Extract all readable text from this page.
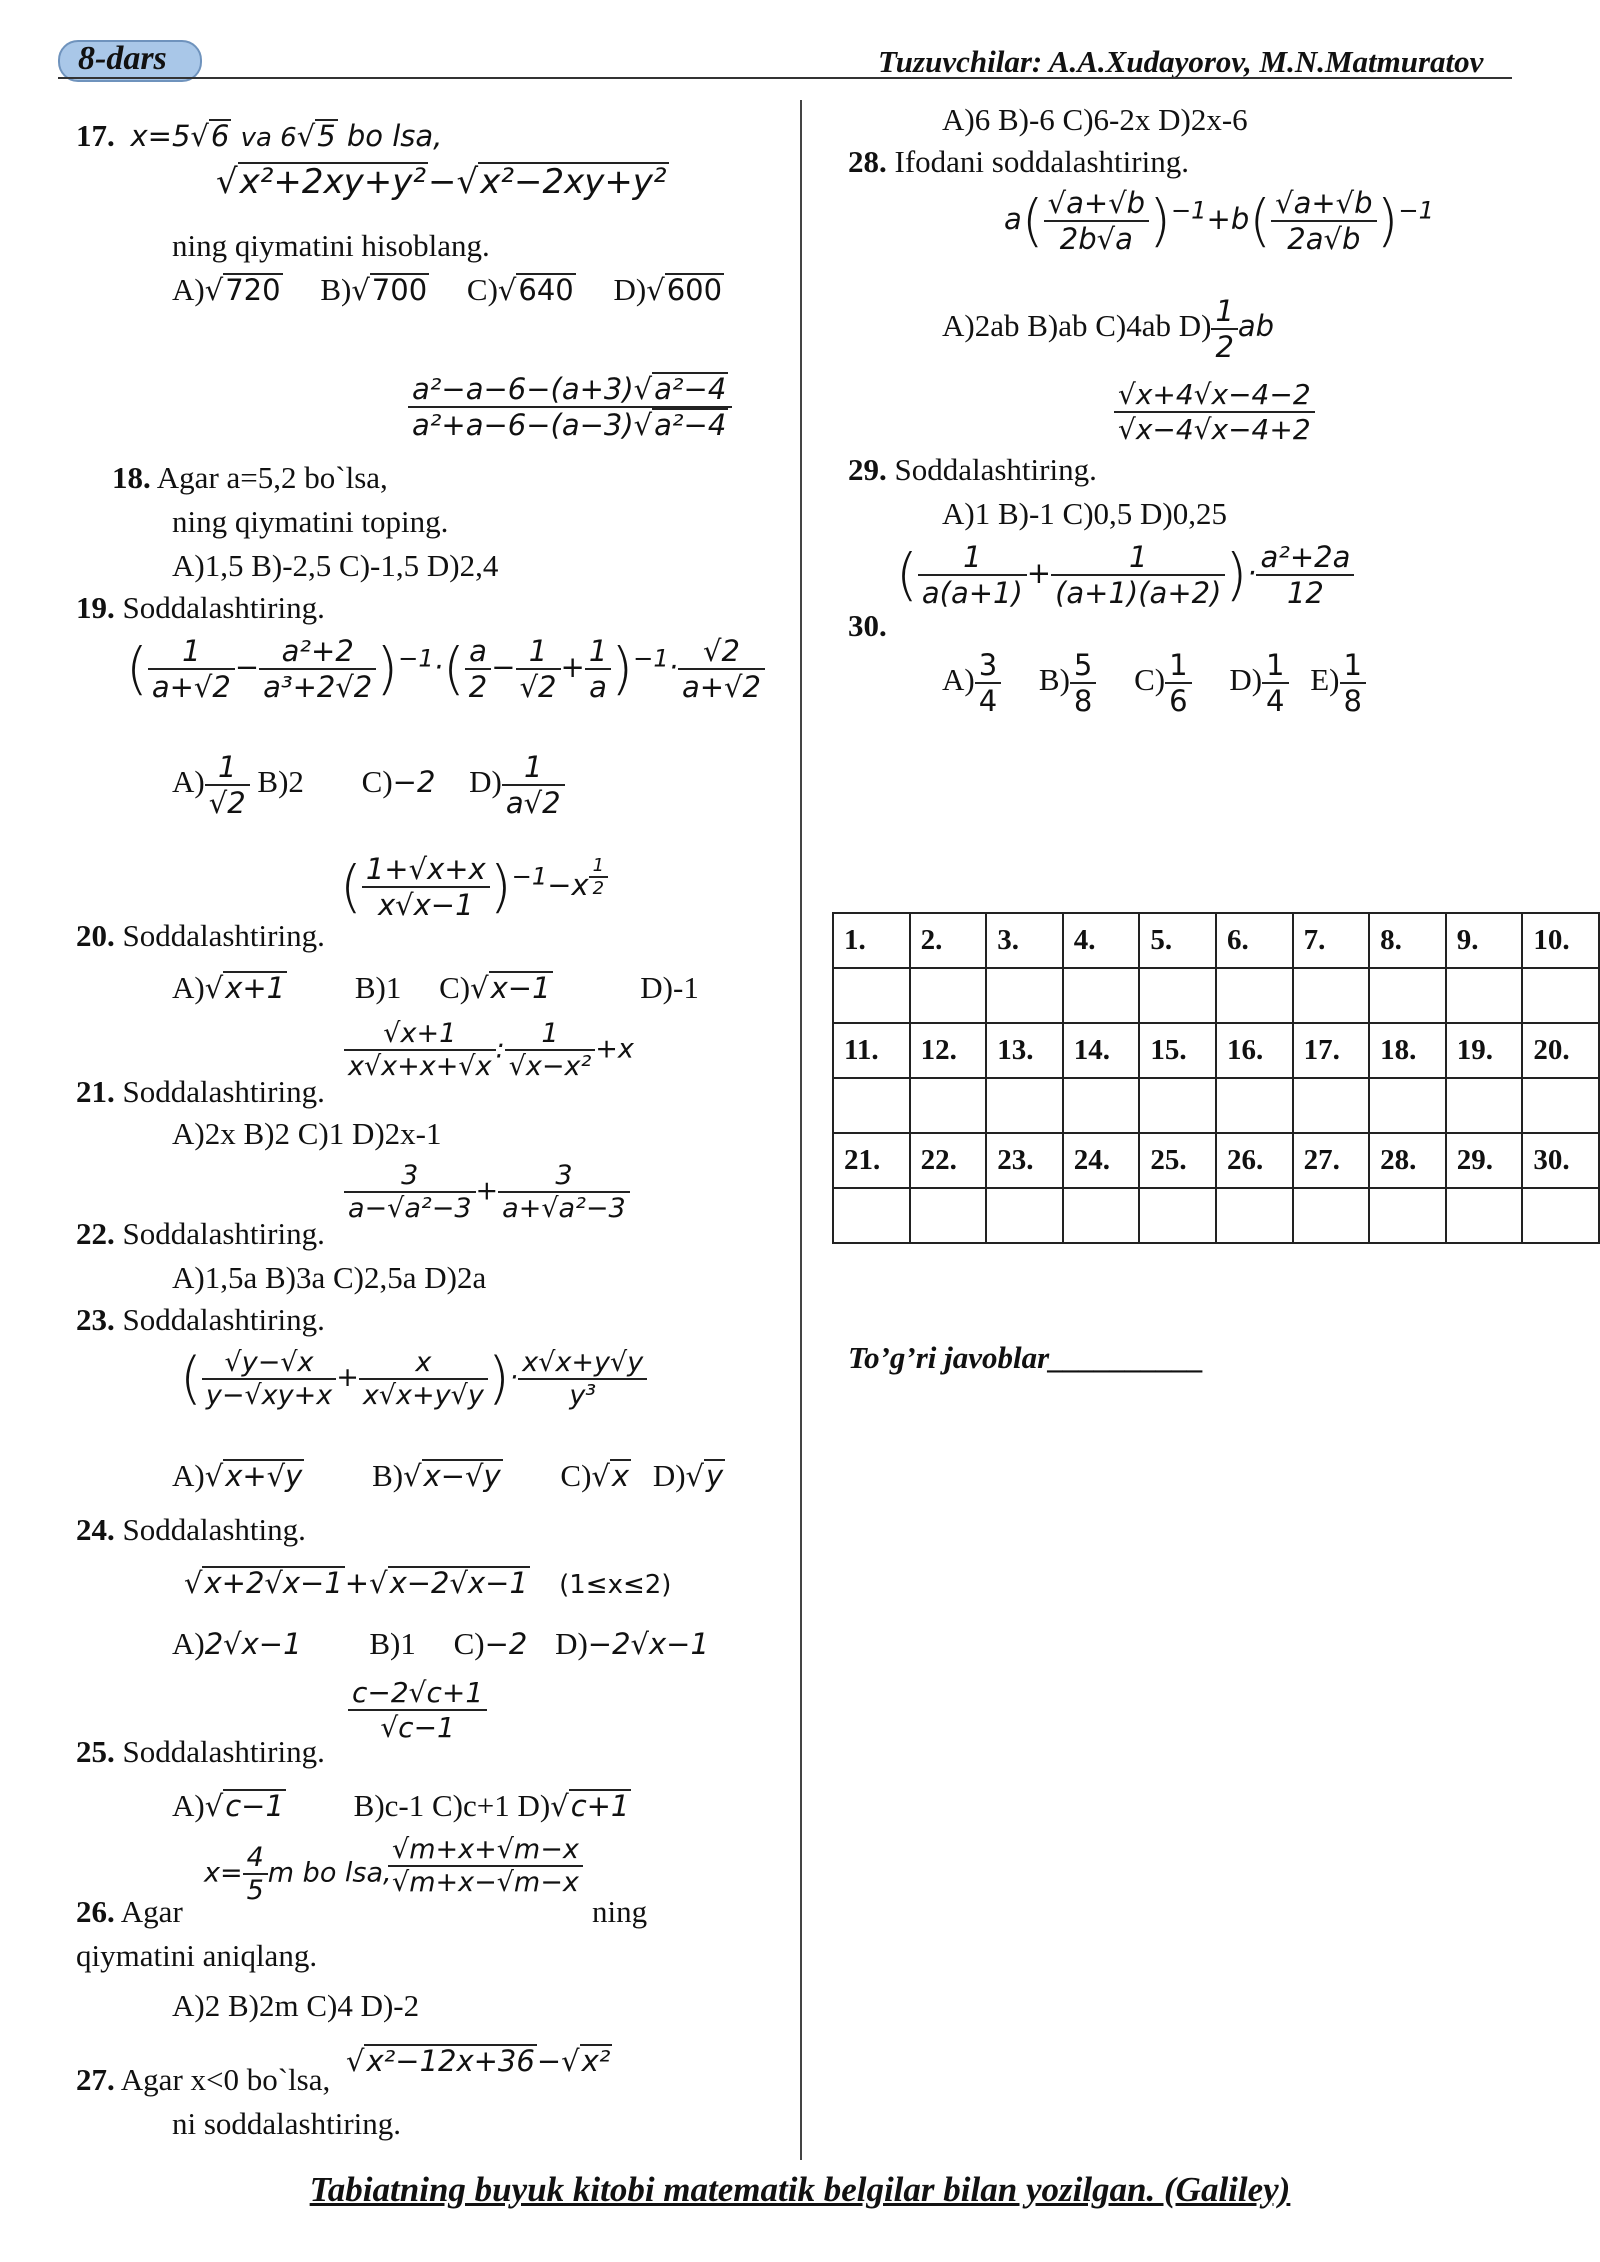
8-dars	Tuzuvchilar: A.A.Xudayorov, M.N.Matmuratov
17. x=5√6 va 6√5 bo lsa,
√x²+2xy+y²−√x²−2xy+y²
ning qiymatini hisoblang.
A)√720 B)√700 C)√640 D)√600
$\frac{\text{a²−a−6−(a+3)√a²−4}}{\text{a²+a−6−(a−3)√a²−4}}$
18. Agar a=5,2 bo`lsa,
ning qiymatini toping.
A)1,5 B)-2,5 C)-1,5 D)2,4
19. Soddalashtiring.
( $\frac{1}{a+√2} - \frac{\text{a²+2}}{\text{a³+2√2}} )^{-1}\cdot( \frac{a}{2} - \frac{1}{√2} + \frac{1}{a} )^{-1}\cdot \frac{√2}{a+√2}$
$A) \frac{1}{√2} B)2$ C)−2 $D) \frac{1}{a√2}$
( $\frac{1+√x+x}{x√x-1} )^{-1}-x$ $^{\frac{1}{2}}$
20. Soddalashtiring.
A)√x+1 B)1 C)√x−1	D)-1
$\frac{√x+1}{x√x+x+√x}$ : $\frac{1}{\text{√x−x²}} +x$
21. Soddalashtiring.
A)2x B)2 C)1 D)2x-1
$\frac{3}{\text{a−√a²−3}} + \frac{3}{\text{a+√a²−3}}$
22. Soddalashtiring.
A)1,5a B)3a C)2,5a D)2a
23. Soddalashtiring.
( $\frac{√y-√x}{y-√xy+x} + \frac{x}{x√x+y√y}$ )· $\frac{x√x+y√y}{\text{y³}}$
A)√x+√y B)√x−√y C)√x D)√y
24. Soddalashting.
√x+2√x−1+√x−2√x−1 (1≤x≤2)
A)2√x−1 B)1 C)−2 D)−2√x−1
$\frac{c-2√c+1}{√c-1}$
25. Soddalashtiring.
A)√c−1 B)c-1 C)c+1 D)√c+1
$x= \frac{4}{5}$ m bo lsa,
$\frac{√m+x+√m-x}{√m+x-√m-x}$
26. Agar	ning
qiymatini aniqlang.
A)2 B)2m C)4 D)-2
√x²−12x+36−√x²
27. Agar x<0 bo`lsa,
ni soddalashtiring.
A)6 B)-6 C)6-2x D)2x-6
28. Ifodani soddalashtiring.
$a( \frac{√a+√b}{2b√a} )^{-1}+b( \frac{√a+√b}{2a√b} )^{-1}$
A)2ab B)ab C)4ab $D) \frac{1}{2}$ ab
$\frac{√x+4√x-4-2}{√x-4√x-4+2}$
29. Soddalashtiring.
A)1 B)-1 C)0,5 D)0,25
30.
( $\frac{1}{a(a+1)} + \frac{1}{(a+1)(a+2)}$ )· $\frac{\text{a²+2a}}{12}$
$A) \frac{3}{4} B) \frac{5}{8} C) \frac{1}{6} D) \frac{1}{4} E) \frac{1}{8}$
1.	2.	3.	4.	5.	6.	7.	8.	9.	10.

11.	12.	13.	14.	15.	16.	17.	18.	19.	20.

21.	22.	23.	24.	25.	26.	27.	28.	29.	30.

To’g’ri javoblar__________
Tabiatning buyuk kitobi matematik belgilar bilan yozilgan. (Galiley)
